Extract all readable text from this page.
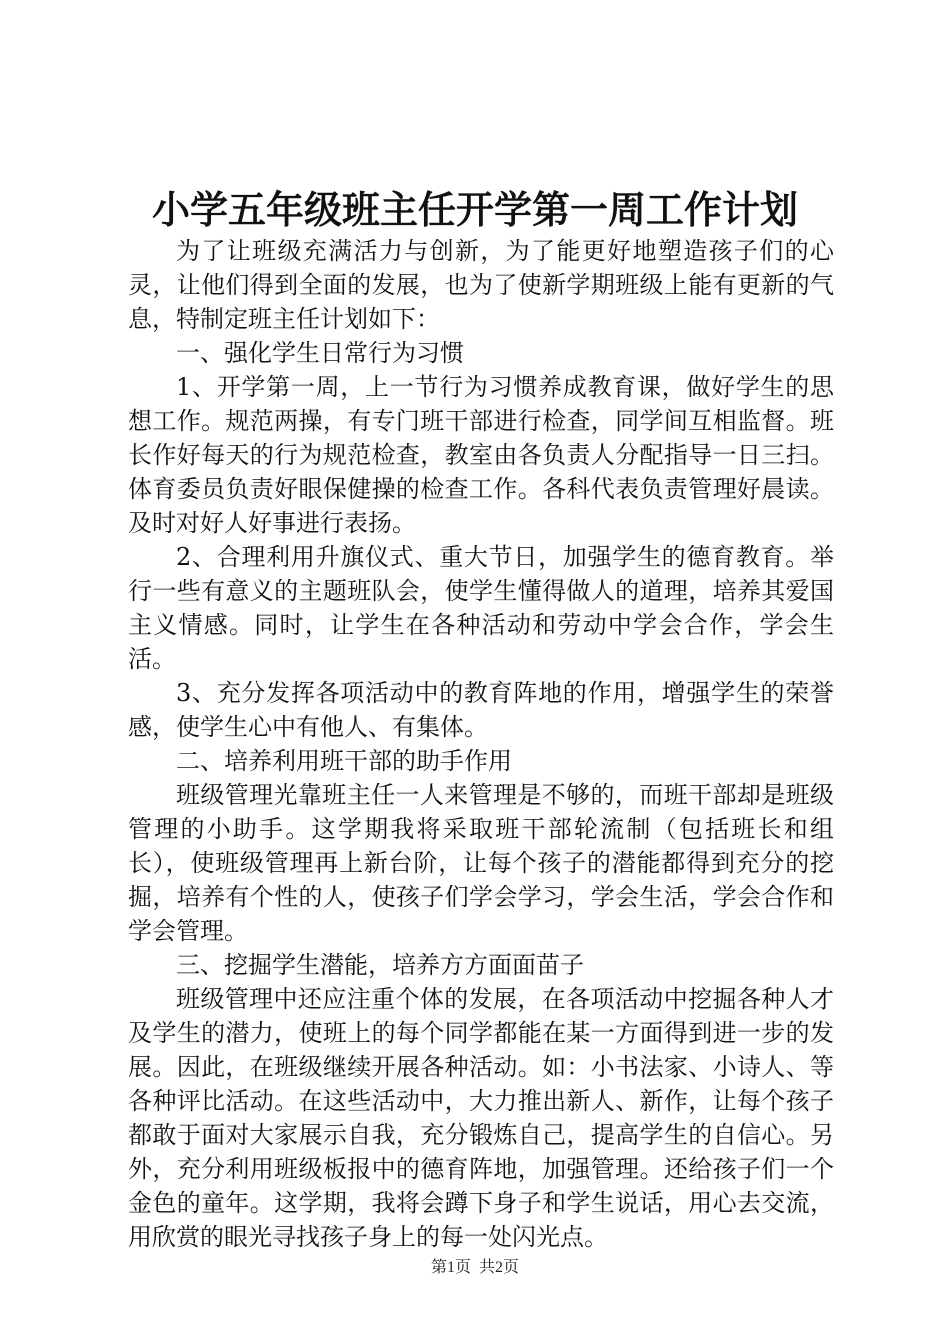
小学五年级班主任开学第一周工作计划

为了让班级充满活力与创新，为了能更好地塑造孩子们的心灵，让他们得到全面的发展，也为了使新学期班级上能有更新的气息，特制定班主任计划如下：

一、强化学生日常行为习惯

1、开学第一周，上一节行为习惯养成教育课，做好学生的思想工作。规范两操，有专门班干部进行检查，同学间互相监督。班长作好每天的行为规范检查，教室由各负责人分配指导一日三扫。体育委员负责好眼保健操的检查工作。各科代表负责管理好晨读。及时对好人好事进行表扬。

2、合理利用升旗仪式、重大节日，加强学生的德育教育。举行一些有意义的主题班队会，使学生懂得做人的道理，培养其爱国主义情感。同时，让学生在各种活动和劳动中学会合作，学会生活。

3、充分发挥各项活动中的教育阵地的作用，增强学生的荣誉感，使学生心中有他人、有集体。

二、培养利用班干部的助手作用

班级管理光靠班主任一人来管理是不够的，而班干部却是班级管理的小助手。这学期我将采取班干部轮流制（包括班长和组长），使班级管理再上新台阶，让每个孩子的潜能都得到充分的挖掘，培养有个性的人，使孩子们学会学习，学会生活，学会合作和学会管理。

三、挖掘学生潜能，培养方方面面苗子

班级管理中还应注重个体的发展，在各项活动中挖掘各种人才及学生的潜力，使班上的每个同学都能在某一方面得到进一步的发展。因此，在班级继续开展各种活动。如：小书法家、小诗人、等各种评比活动。在这些活动中，大力推出新人、新作，让每个孩子都敢于面对大家展示自我，充分锻炼自己，提高学生的自信心。另外，充分利用班级板报中的德育阵地，加强管理。还给孩子们一个金色的童年。这学期，我将会蹲下身子和学生说话，用心去交流，用欣赏的眼光寻找孩子身上的每一处闪光点。

第1页  共2页
